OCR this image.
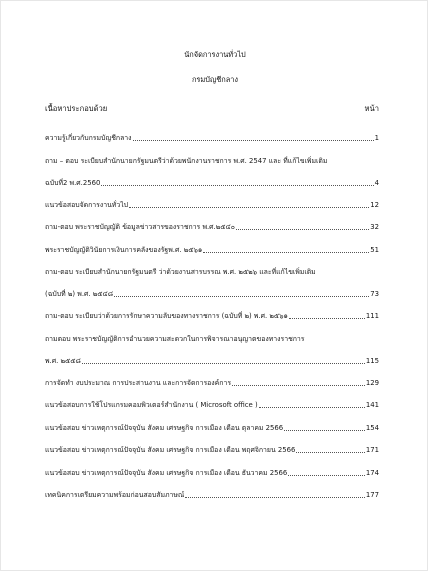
นักจัดการงานทั่วไป
กรมบัญชีกลาง
เนื้อหาประกอบด้วย	หน้า
ความรู้เกี่ยวกับกรมบัญชีกลาง	1
ถาม – ตอบ ระเบียบสำนักนายกรัฐมนตรีว่าด้วยพนักงานราชการ พ.ศ. 2547 และ ที่แก้ไขเพิ่มเติม
ฉบับที่2 พ.ศ.2560	4
แนวข้อสอบจัดการงานทั่วไป	12
ถาม-ตอบ พระราชบัญญัติ ข้อมูลข่าวสารของราชการ พ.ศ.๒๕๔๐	32
พระราชบัญญัติวินัยการเงินการคลังของรัฐพ.ศ. ๒๕๖๑	51
ถาม-ตอบ ระเบียบสำนักนายกรัฐมนตรี ว่าด้วยงานสารบรรณ พ.ศ. ๒๕๒๖ และที่แก้ไขเพิ่มเติม
(ฉบับที่ ๒) พ.ศ. ๒๕๔๘	73
ถาม-ตอบ ระเบียบว่าด้วยการรักษาความลับของทางราชการ (ฉบับที่ ๒) พ.ศ. ๒๕๖๑	111
ถามตอบ พระราชบัญญัติการอำนวยความสะดวกในการพิจารณาอนุญาตของทางราชการ
พ.ศ. ๒๕๕๘	115
การจัดทำ งบประมาณ การประสานงาน และการจัดการองค์การ	129
แนวข้อสอบการใช้โปรแกรมคอมพิวเตอร์สำนักงาน ( Microsoft office )	141
แนวข้อสอบ ข่าวเหตุการณ์ปัจจุบัน สังคม เศรษฐกิจ การเมือง เดือน ตุลาคม 2566	154
แนวข้อสอบ ข่าวเหตุการณ์ปัจจุบัน สังคม เศรษฐกิจ การเมือง เดือน พฤศจิกายน 2566	171
แนวข้อสอบ ข่าวเหตุการณ์ปัจจุบัน สังคม เศรษฐกิจ การเมือง เดือน ธันวาคม 2566	174
เทคนิคการเตรียมความพร้อมก่อนสอบสัมภาษณ์	177
